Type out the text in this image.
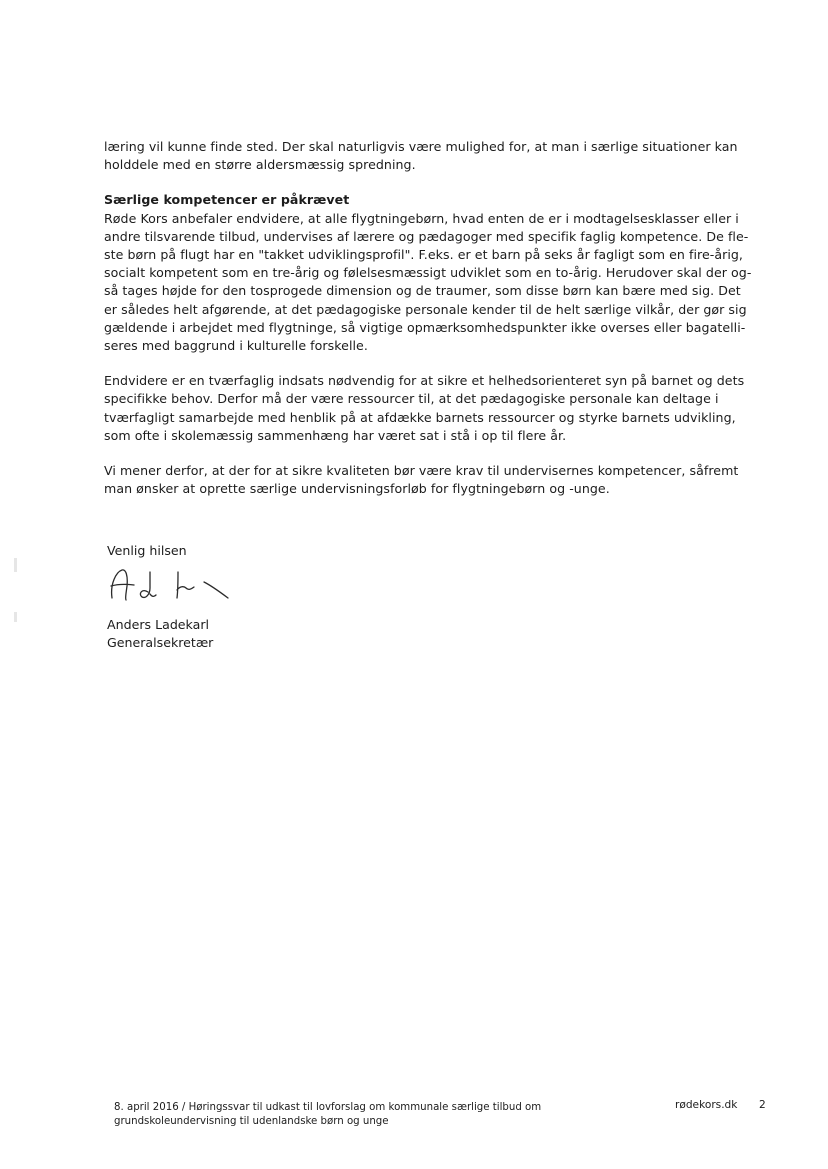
læring vil kunne finde sted. Der skal naturligvis være mulighed for, at man i særlige situationer kan
holddele med en større aldersmæssig spredning.
Særlige kompetencer er påkrævet
Røde Kors anbefaler endvidere, at alle flygtningebørn, hvad enten de er i modtagelsesklasser eller i
andre tilsvarende tilbud, undervises af lærere og pædagoger med specifik faglig kompetence. De fle-
ste børn på flugt har en "takket udviklingsprofil". F.eks. er et barn på seks år fagligt som en fire-årig,
socialt kompetent som en tre-årig og følelsesmæssigt udviklet som en to-årig. Herudover skal der og-
så tages højde for den tosprogede dimension og de traumer, som disse børn kan bære med sig. Det
er således helt afgørende, at det pædagogiske personale kender til de helt særlige vilkår, der gør sig
gældende i arbejdet med flygtninge, så vigtige opmærksomhedspunkter ikke overses eller bagatelli-
seres med baggrund i kulturelle forskelle.
Endvidere er en tværfaglig indsats nødvendig for at sikre et helhedsorienteret syn på barnet og dets
specifikke behov. Derfor må der være ressourcer til, at det pædagogiske personale kan deltage i
tværfagligt samarbejde med henblik på at afdække barnets ressourcer og styrke barnets udvikling,
som ofte i skolemæssig sammenhæng har været sat i stå i op til flere år.
Vi mener derfor, at der for at sikre kvaliteten bør være krav til undervisernes kompetencer, såfremt
man ønsker at oprette særlige undervisningsforløb for flygtningebørn og -unge.
Venlig hilsen
Anders Ladekarl
Generalsekretær
8. april 2016 / Høringssvar til udkast til lovforslag om kommunale særlige tilbud om
grundskoleundervisning til udenlandske børn og unge
rødekors.dk 2
